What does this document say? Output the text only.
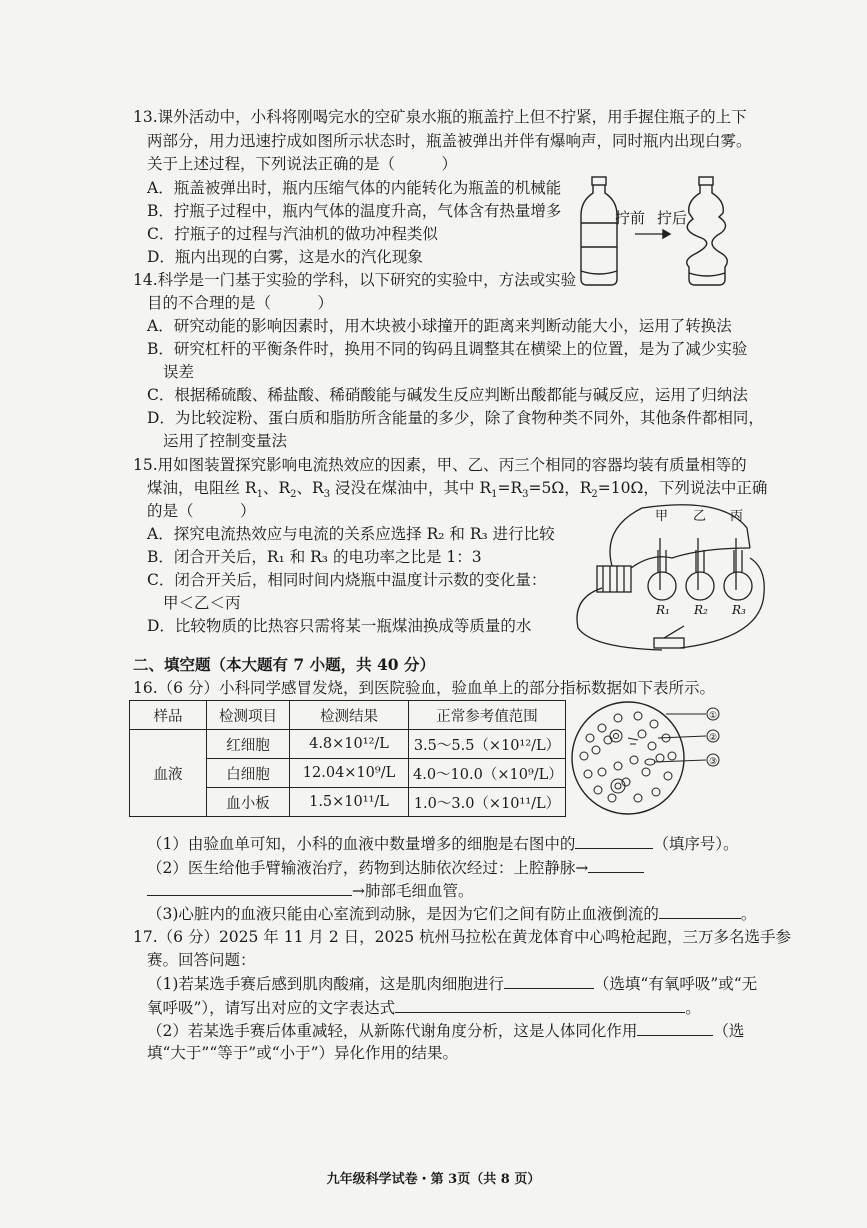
13.课外活动中，小科将刚喝完水的空矿泉水瓶的瓶盖拧上但不拧紧，用手握住瓶子的上下
两部分，用力迅速拧成如图所示状态时，瓶盖被弹出并伴有爆响声，同时瓶内出现白雾。
关于上述过程，下列说法正确的是（　　　）
A．瓶盖被弹出时，瓶内压缩气体的内能转化为瓶盖的机械能
B．拧瓶子过程中，瓶内气体的温度升高，气体含有热量增多
C．拧瓶子的过程与汽油机的做功冲程类似
D．瓶内出现的白雾，这是水的汽化现象
拧前 拧后
14.科学是一门基于实验的学科，以下研究的实验中，方法或实验
目的不合理的是（　　　）
A．研究动能的影响因素时，用木块被小球撞开的距离来判断动能大小，运用了转换法
B．研究杠杆的平衡条件时，换用不同的钩码且调整其在横梁上的位置，是为了减少实验
误差
C．根据稀硫酸、稀盐酸、稀硝酸能与碱发生反应判断出酸都能与碱反应，运用了归纳法
D．为比较淀粉、蛋白质和脂肪所含能量的多少，除了食物种类不同外，其他条件都相同，
运用了控制变量法
15.用如图装置探究影响电流热效应的因素，甲、乙、丙三个相同的容器均装有质量相等的
煤油，电阻丝 $R_1$、$R_2$、$R_3$ 浸没在煤油中，其中 $R_1=R_3=5\Omega$，$R_2=10\Omega$，下列说法中正确
的是（　　　）
A．探究电流热效应与电流的关系应选择 R₂ 和 R₃ 进行比较
B．闭合开关后，R₁ 和 R₃ 的电功率之比是 1：3
C．闭合开关后，相同时间内烧瓶中温度计示数的变化量：
甲＜乙＜丙
D．比较物质的比热容只需将某一瓶煤油换成等质量的水
甲 乙 丙
R₁ R₂ R₃
二、填空题（本大题有 7 小题，共 40 分）
16.（6 分）小科同学感冒发烧，到医院验血，验血单上的部分指标数据如下表所示。
样品	检测项目	检测结果	正常参考值范围
血液	红细胞	4.8×10¹²/L	3.5～5.5（×10¹²/L）
	白细胞	12.04×10⁹/L	4.0～10.0（×10⁹/L）
	血小板	1.5×10¹¹/L	1.0～3.0（×10¹¹/L）
①
②
③
（1）由验血单可知，小科的血液中数量增多的细胞是右图中的	（填序号）。
（2）医生给他手臂输液治疗，药物到达肺依次经过：上腔静脉→
→肺部毛细血管。
（3)心脏内的血液只能由心室流到动脉，是因为它们之间有防止血液倒流的	。
17.（6 分）2025 年 11 月 2 日，2025 杭州马拉松在黄龙体育中心鸣枪起跑，三万多名选手参
赛。回答问题：
（1)若某选手赛后感到肌肉酸痛，这是肌肉细胞进行	（选填“有氧呼吸”或“无
氧呼吸”），请写出对应的文字表达式	。
（2）若某选手赛后体重减轻，从新陈代谢角度分析，这是人体同化作用	（选
填“大于”“等于”或“小于”）异化作用的结果。
九年级科学试卷・第 3页（共 8 页）
